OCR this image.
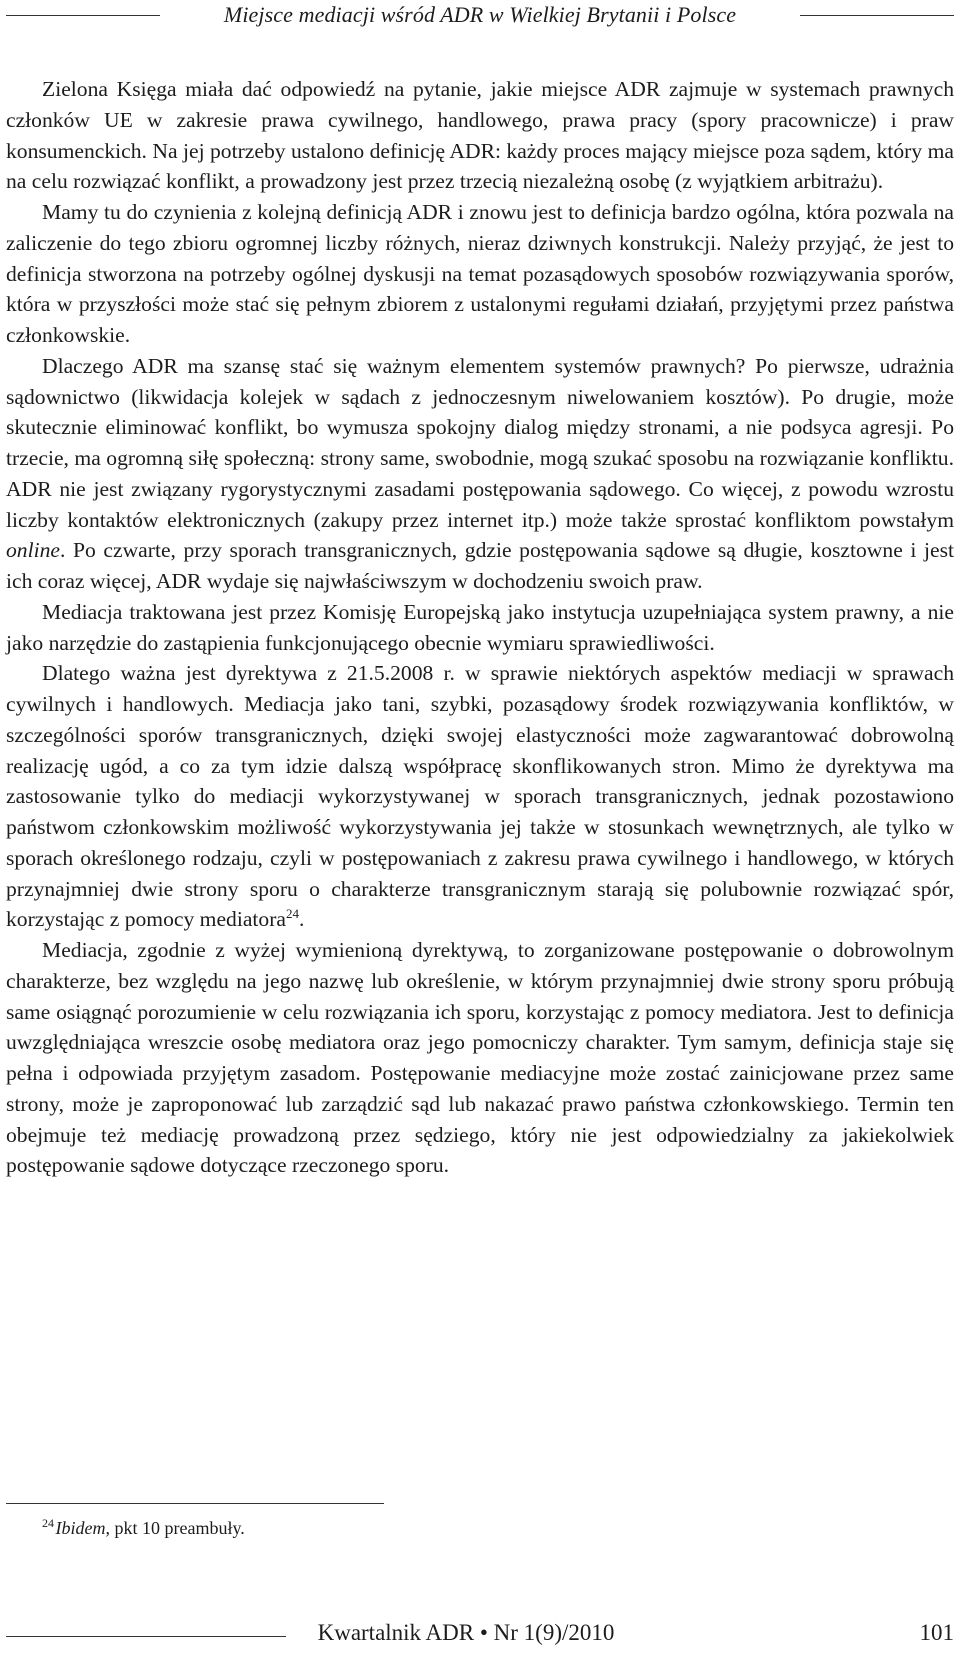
Miejsce mediacji wśród ADR w Wielkiej Brytanii i Polsce

Zielona Księga miała dać odpowiedź na pytanie, jakie miejsce ADR zajmuje w systemach prawnych członków UE w zakresie prawa cywilnego, handlowego, prawa pracy (spory pracownicze) i praw konsumenckich. Na jej potrzeby ustalono definicję ADR: każdy proces mający miejsce poza sądem, który ma na celu rozwiązać konflikt, a prowadzony jest przez trzecią niezależną osobę (z wyjątkiem arbitrażu).

Mamy tu do czynienia z kolejną definicją ADR i znowu jest to definicja bardzo ogólna, która pozwala na zaliczenie do tego zbioru ogromnej liczby różnych, nieraz dziwnych konstrukcji. Należy przyjąć, że jest to definicja stworzona na potrzeby ogólnej dyskusji na temat pozasądowych sposobów rozwiązywania sporów, która w przyszłości może stać się pełnym zbiorem z ustalonymi regułami działań, przyjętymi przez państwa członkowskie.

Dlaczego ADR ma szansę stać się ważnym elementem systemów prawnych? Po pierwsze, udrażnia sądownictwo (likwidacja kolejek w sądach z jednoczesnym niwelowaniem kosztów). Po drugie, może skutecznie eliminować konflikt, bo wymusza spokojny dialog między stronami, a nie podsyca agresji. Po trzecie, ma ogromną siłę społeczną: strony same, swobodnie, mogą szukać sposobu na rozwiązanie konfliktu. ADR nie jest związany rygorystycznymi zasadami postępowania sądowego. Co więcej, z powodu wzrostu liczby kontaktów elektronicznych (zakupy przez internet itp.) może także sprostać konfliktom powstałym online. Po czwarte, przy sporach transgranicznych, gdzie postępowania sądowe są długie, kosztowne i jest ich coraz więcej, ADR wydaje się najwłaściwszym w dochodzeniu swoich praw.

Mediacja traktowana jest przez Komisję Europejską jako instytucja uzupełniająca system prawny, a nie jako narzędzie do zastąpienia funkcjonującego obecnie wymiaru sprawiedliwości.

Dlatego ważna jest dyrektywa z 21.5.2008 r. w sprawie niektórych aspektów mediacji w sprawach cywilnych i handlowych. Mediacja jako tani, szybki, pozasądowy środek rozwiązywania konfliktów, w szczególności sporów transgranicznych, dzięki swojej elastyczności może zagwarantować dobrowolną realizację ugód, a co za tym idzie dalszą współpracę skonflikowanych stron. Mimo że dyrektywa ma zastosowanie tylko do mediacji wykorzystywanej w sporach transgranicznych, jednak pozostawiono państwom członkowskim możliwość wykorzystywania jej także w stosunkach wewnętrznych, ale tylko w sporach określonego rodzaju, czyli w postępowaniach z zakresu prawa cywilnego i handlowego, w których przynajmniej dwie strony sporu o charakterze transgranicznym starają się polubownie rozwiązać spór, korzystając z pomocy mediatora$^{24}$.

Mediacja, zgodnie z wyżej wymienioną dyrektywą, to zorganizowane postępowanie o dobrowolnym charakterze, bez względu na jego nazwę lub określenie, w którym przynajmniej dwie strony sporu próbują same osiągnąć porozumienie w celu rozwiązania ich sporu, korzystając z pomocy mediatora. Jest to definicja uwzględniająca wreszcie osobę mediatora oraz jego pomocniczy charakter. Tym samym, definicja staje się pełna i odpowiada przyjętym zasadom. Postępowanie mediacyjne może zostać zainicjowane przez same strony, może je zaproponować lub zarządzić sąd lub nakazać prawo państwa członkowskiego. Termin ten obejmuje też mediację prowadzoną przez sędziego, który nie jest odpowiedzialny za jakiekolwiek postępowanie sądowe dotyczące rzeczonego sporu.

$^{24}$ Ibidem, pkt 10 preambuły.
Kwartalnik ADR • Nr 1(9)/2010	101
